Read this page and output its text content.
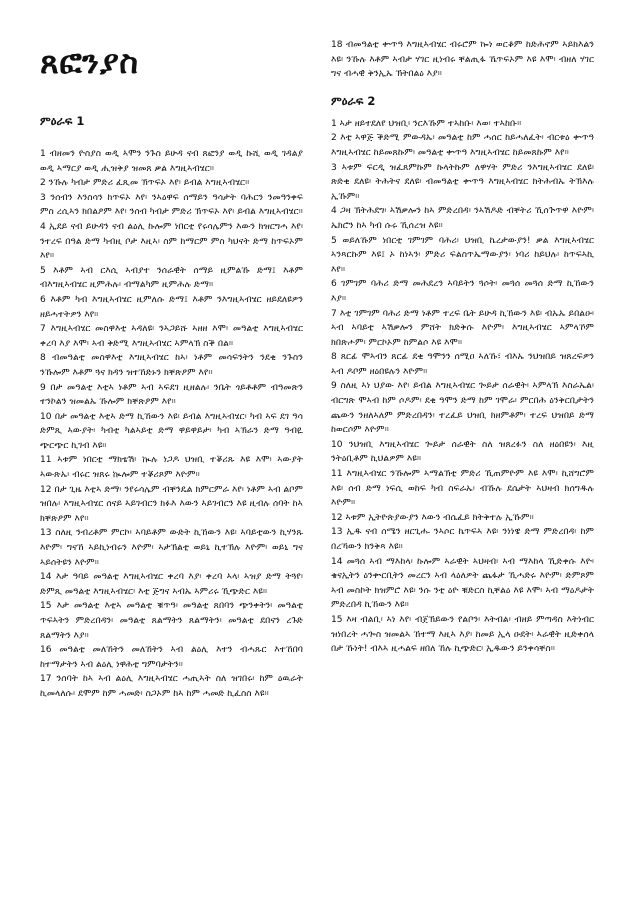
ጸፎንያስ
ምዕራፍ 1

1 ብዘመን ዮስያስ ወዲ ኣሞን ንጉስ ይሁዳ ናብ ጸፎንያ ወዲ ኩሺ ወዲ ገዳልያ ወዲ ኣማርያ ወዲ ሒዝቅያ ዝመጸ ቃል እግዚኣብሄር።

2 ንኹሉ ካብታ ምድሪ ፈጺመ ኽጥፍኦ እየ፡ ይብል እግዚኣብሄር።

3 ንሰብን እንስሳን ከጥፍኦ እየ፡ ንኣዕዋፍ ሰማይን ዓሳታት ባሕርን ንመዓንቀፍ ምስ ረሲኣን ክበልዖም እየ፡ ንሰብ ካብታ ምድሪ ኽጥፍኦ እየ፡ ይብል እግዚኣብሄር።

4 ኢደይ ናብ ይሁዳን ናብ ልዕሊ ኩሎም ነበርቲ የሩሳሌምን እውን ክዝርግሓ እየ፡ ንተረፍ በዓል ድማ ካብዚ ቦታ እዚኣ፡ ስም ከማርም ምስ ካህናት ድማ ከጥፍኦም እየ።

5 እቶም ኣብ ርእሲ ኣብያተ ንሰራዊት ሰማይ ዚምልኹ ድማ፤ እቶም ብእግዚኣብሄር ዚምሕሉ፡ ብማልካም ዚምሕሉ ድማ።

6 እቶም ካብ እግዚኣብሄር ዚምለሱ ድማ፤ እቶም ንእግዚኣብሄር ዘይደለዩዎን ዘይሓተትዎን እየ።

7 እግዚኣብሄር መስዋእቲ ኣዳለዩ፡ ንኣጋይሹ ኣዘዘ እሞ፡ መዓልቲ እግዚኣብሄር ቀረባ እያ እሞ፡ ኣብ ቅድሚ እግዚኣብሄር ኣምላኽ ስቕ በል።

8 ብመዓልቲ መስዋእቲ እግዚኣብሄር ከኣ፡ ነቶም መሳፍንትን ንደቂ ንጉስን ንኹሎም እቶም ጓና ክዳን ዝተኸድኑን ክቐጽዖም እየ።

9 በታ መዓልቲ እቲኣ ነቶም ኣብ ኣፍደገ ዚዘልሉ፡ ንቤት ጎይቶቶም ብዓመጽን ተንኮልን ዝመልኡ ኹሎም ክቐጽዖም እየ።

10 በታ መዓልቲ እቲኣ ድማ ኪኸውን እዩ፡ ይብል እግዚኣብሄር፡ ካብ ኣፍ ደገ ዓሳ ድምጺ ኣውያት፡ ካብቲ ካልኣይቲ ድማ ዋይዋይታ፡ ካብ ኣኽራን ድማ ዓብዪ ጭርጭር ኪገብ እዩ።

11 ኣቱም ነበርቲ ማክቴሽ፡ ኲሉ ነጋዶ ህዝቢ ተቖሪጹ እዩ እሞ፡ ኣውያት ኣውጽኡ፡ ብሩር ዝጸሩ ኲሎም ተቖሪጾም እዮም።

12 በታ ጊዜ እቲኣ ድማ፡ ንየሩሳሌም ብቐንዴል ክምርምራ እየ፡ ነቶም ኣብ ልቦም ዝበሉ፡ እግዚኣብሄር ሰናይ ኣይገብርን ክፉእ እውን ኣይገብርን እዩ ዚብሉ ሰባት ከኣ ክቐጽዖም እየ።

13 ስለዚ ንብረቶም ምርኮ፡ ኣባይቶም ውድት ኪኸውን እዩ፡ ኣባይቲውን ኪሃንጹ እዮም፡ ግናኸ ኣይኪነብሩን እዮም፡ ኣታኽልቲ ወይኒ ኪተኽሉ እዮም፡ ወይኒ ግና ኣይሰትዩን እዮም።

14 እታ ዓባይ መዓልቲ እግዚኣብሄር ቀረባ እያ፡ ቀረባ ኣላ፡ ኣዝያ ድማ ትጓየ፡ ድምጺ መዓልቲ እግዚኣብሄር፡ እቲ ጅግና ኣብኡ ኣምሪሩ ኺጭድር እዩ።

15 እታ መዓልቲ እቲኣ መዓልቲ ቑጥዓ፡ መዓልቲ ጸበባን ጭንቀትን፡ መዓልቲ ጥፍኣትን ምድረበዳን፡ መዓልቲ ጸልማትን ጸልማትን፡ መዓልቲ ደበናን ረጉድ ጸልማትን እያ።

16 መዓልቲ መለኸትን መለኸትን ኣብ ልዕሊ እተን ብሓጹር እተኸበባ ከተማታትን ኣብ ልዕሊ ነዋሕቲ ግምባታትን።

17 ንሰባት ከኣ ኣብ ልዕሊ እግዚኣብሄር ሓጢኣት ስለ ዝገበሩ፡ ከም ዕዉራት ኪመላለሱ፡ ደሞም ከም ሓመድ፡ ስጋኦም ከኣ ከም ሓመድ ኪፈስስ እዩ።

18 ብመዓልቲ ቍጥዓ እግዚኣብሄር ብሩሮም ኰነ ወርቆም ከድሕኖም ኣይክእልን እዩ፡ ንኹሉ እቶም ኣብታ ሃገር ዚነብሩ ቐልጢፋ ኼጥፍኦም እዩ እሞ፡ ብዘለ ሃገር ግና ብሓዊ ቅንኢኡ ኽትበልዕ እያ።

ምዕራፍ 2

1 ኣታ ዘይተደለየ ህዝቢ፡ ንርእኹም ተኣከቡ፡ እወ፡ ተኣከቡ።

2 እቲ ኣዋጅ ቕድሚ ምውዳኡ፡ መዓልቲ ከም ሓሰር ከይሓለፈት፡ ብርቱዕ ቍጥዓ እግዚኣብሄር ከይመጸኩም፡ መዓልቲ ቍጥዓ እግዚኣብሄር ከይመጸኩም እየ።

3 ኣቱም ፍርዲ ዝፈጸምኩም ኩላትኩም ለዋሃት ምድሪ ንእግዚኣብሄር ደለዩ፡ ጽድቂ ደለዩ፡ ትሕትና ደለዩ፡ ብመዓልቲ ቍጥዓ እግዚኣብሄር ክትሕብኡ ትኽእሉ ኢኹም።

4 ጋዛ ኽትሕደግ፡ ኣሽቃሎን ከኣ ምድረበዳ፡ ንኣሽዶድ ብቐትሪ ኺሰጕጥዋ እዮም፡ ኤክሮን ከኣ ካብ ሱሩ ኺሰረዝ እዩ።

5 ወይለኹም ነበርቲ ገምገም ባሕሪ፡ ህዝቢ ኬረታውያን! ቃል እግዚኣብሄር ኣንጻርኩም እዩ፤ ኦ ከነኣን፡ ምድሪ ፍልስጥኤማውያን፡ ነባሪ ከይህሉ፡ ከጥፍኣኪ እየ።

6 ገምገም ባሕሪ ድማ መሕደረን ኣባይትን ጓሶት፡ መጓሰ መጓሰ ድማ ኪኸውን እያ።

7 እቲ ገምገም ባሕሪ ድማ ነቶም ተረፍ ቤት ይሁዳ ኪኸውን እዩ፡ ብኡኡ ይበልዑ፡ ኣብ ኣባይቲ ኣሽቃሎን ምሸት ክድቅሱ እዮም፡ እግዚኣብሄር ኣምላኾም ክበጽሖም፡ ምርኮኦም ከምልሶ እዩ እሞ።

8 ጸርፊ ሞኣብን ጸርፊ ደቂ ዓሞንን ሰሚዐ ኣለኹ፣ ብእኡ ንህዝበይ ዝጸረፍዎን ኣብ ዶቦም ዘዕበዩሉን እዮም።

9 ስለዚ ኣነ ህያው እየ፡ ይብል እግዚኣብሄር ጐይታ ሰራዊት፡ ኣምላኽ እስራኤል፡ ብርግጽ ሞኣብ ከም ሶዶም፡ ደቂ ዓሞን ድማ ከም ገሞራ፡ ምርበሕ ዕንቅርቢታትን ጨውን ንዘለኣለም ምድረበዳን፡ ተረፈይ ህዝቢ ክዘምቶም፡ ተረፍ ህዝበይ ድማ ከወርሶም እዮም።

10 ንህዝቢ እግዚኣብሄር ጐይታ ሰራዊት ስለ ዝጸረፉን ስለ ዘዕበዩን፡ እዚ ንትዕቢቶም ኪህልዎም እዩ።

11 እግዚኣብሄር ንኹሎም ኣማልኽቲ ምድሪ ኺጠምዮም እዩ እሞ፡ ኪሸግሮም እዩ፡ ሰብ ድማ ነፍሲ ወከፍ ካብ ስፍራኡ፡ ብኹሉ ደሴታት ኣህዛብ ክሰግዱሉ እዮም።

12 ኣቱም ኢትዮጵያውያን እውን ብሴፈይ ክትቅተሉ ኢኹም።

13 ኢዱ ናብ ሰሜን ዘርጊሑ ንኣሶር ኬጥፍኣ እዩ፡ ንነነዌ ድማ ምድረበዳ፡ ከም በረኻውን ክንቅጻ እዩ።

14 መጓሰ ኣብ ማእከላ፡ ኩሎም ኣራዊት ኣህዛብ፡ ኣብ ማእከላ ኺድቀሱ እዮ፡ ቄናኢትን ዕንቍርቢትን መረርን ኣብ ላዕለዎት ጨፋታ ኺሓድሩ እዮም፡ ድምጾም ኣብ መስኮት ክዝምሮ እዩ፡ ንሱ ንቲ ዕዮ ቑድርስ ኪቐልዕ እዩ እሞ፡ ኣብ ማዕዶታት ምድረበዳ ኪኸውን እዩ።

15 እዛ ብልቢ፡ ኣነ እየ፡ ብጀኽይውን የልቦን፡ እትብል፡ ብዘይ ምጣዳስ እትነብር ዝነበረት ሓጐስ ዝመልኣ ኸተማ እዚኣ እያ፡ ከመይ ኢላ ዑደት፡ ኣራዊት ዚድቀሰላ በታ ኹነት! ብእኣ ዚሓልፍ ዘበለ ኸሉ ኪጭድር፡ ኢዱውን ይንቀሳቐስ።
